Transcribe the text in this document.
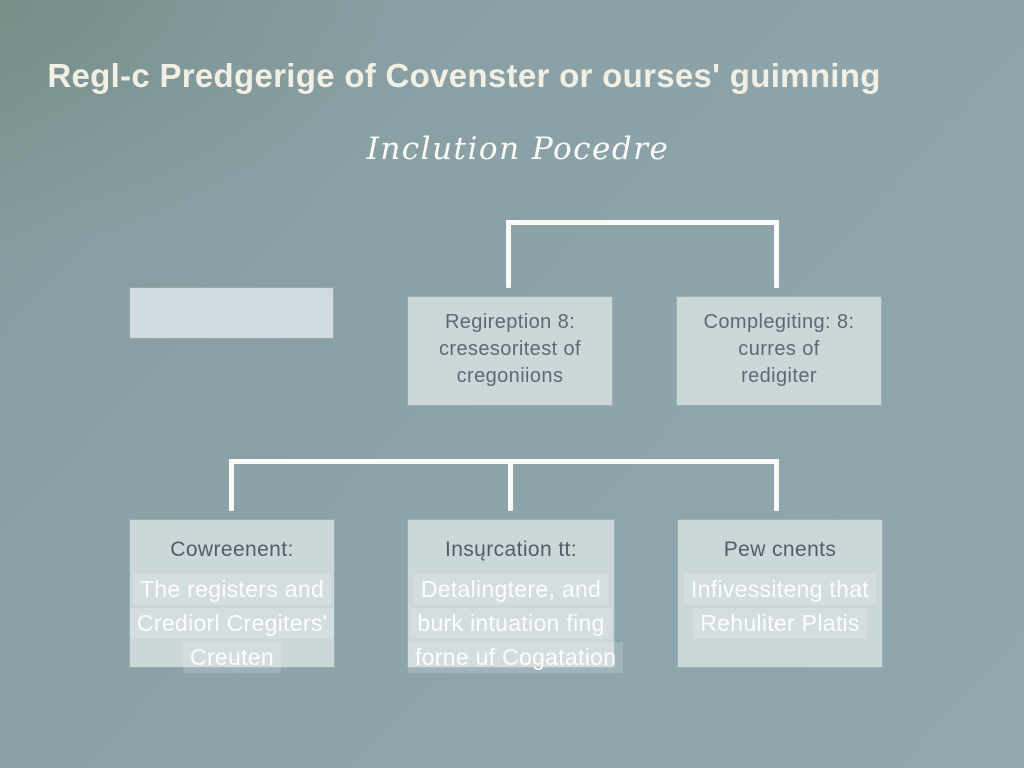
Regl-c Predgerige of Covenster or ourses' guimning
Inclution Pocedre
Regireption 8:
cresesoritest of
cregoniions
Complegiting: 8:
curres of
redigiter
Cowreenent:
The registers and
Crediorl Cregiters'
Creuten
Insųrcation tt:
Detalingtere, and
burk intuation fing
forne uf Cogatation
Pew cnents
Infivessiteng that
Rehuliter Platis
